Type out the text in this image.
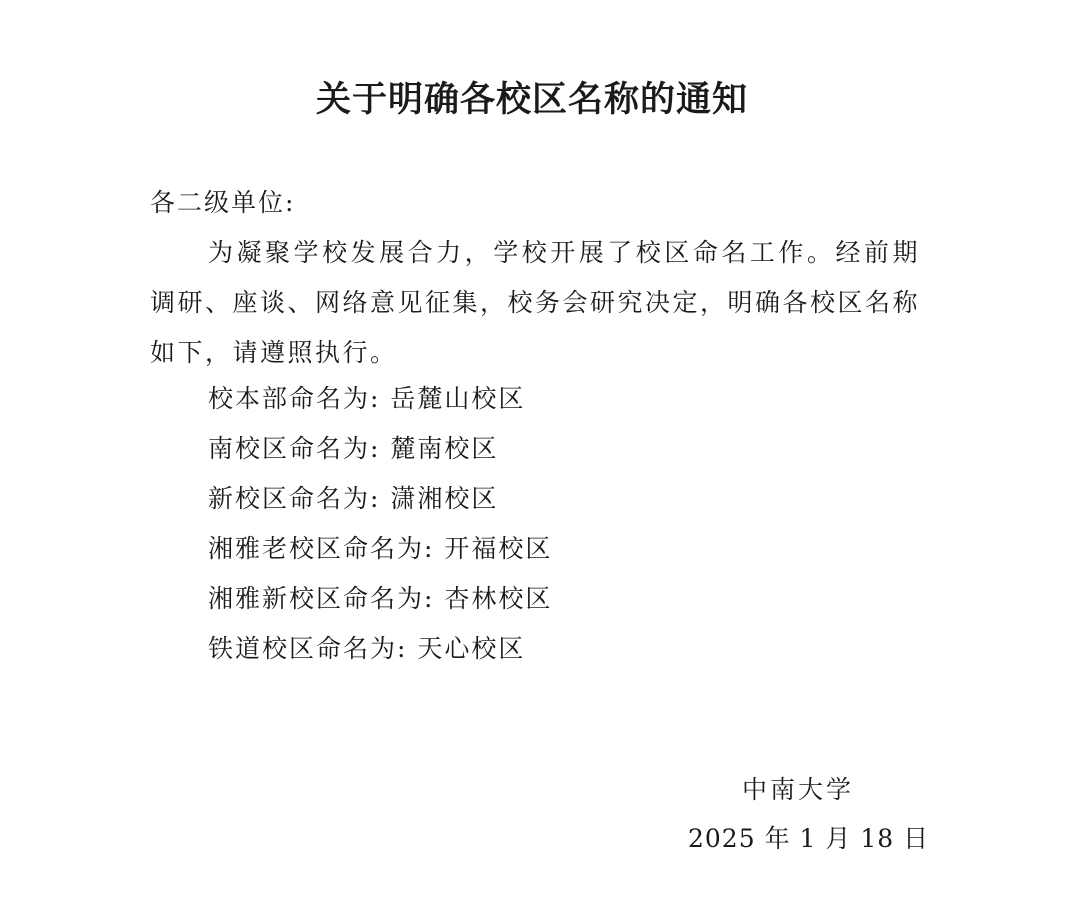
关于明确各校区名称的通知
各二级单位:
为凝聚学校发展合力，学校开展了校区命名工作。经前期调研、座谈、网络意见征集，校务会研究决定，明确各校区名称如下，请遵照执行。
校本部命名为: 岳麓山校区
南校区命名为: 麓南校区
新校区命名为: 潇湘校区
湘雅老校区命名为: 开福校区
湘雅新校区命名为: 杏林校区
铁道校区命名为: 天心校区
中南大学
2025 年 1 月 18 日
